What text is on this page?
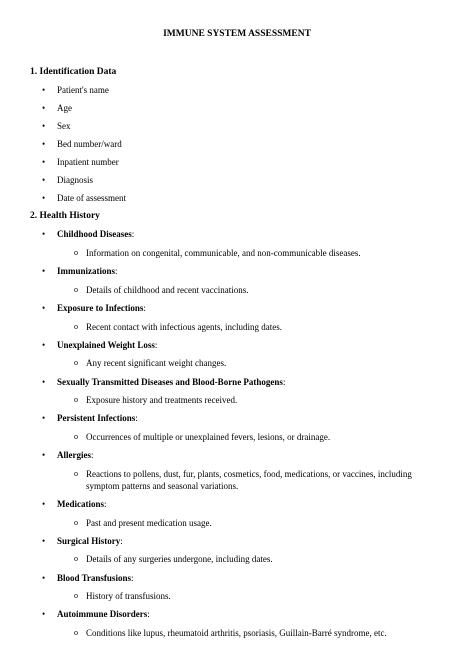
IMMUNE SYSTEM ASSESSMENT
1. Identification Data
•	Patient's name
•	Age
•	Sex
•	Bed number/ward
•	Inpatient number
•	Diagnosis
•	Date of assessment
2. Health History
•	Childhood Diseases:
o Information on congenital, communicable, and non-communicable diseases.
•	Immunizations:
o Details of childhood and recent vaccinations.
•	Exposure to Infections:
o Recent contact with infectious agents, including dates.
•	Unexplained Weight Loss:
o Any recent significant weight changes.
•	Sexually Transmitted Diseases and Blood-Borne Pathogens:
o Exposure history and treatments received.
•	Persistent Infections:
o Occurrences of multiple or unexplained fevers, lesions, or drainage.
•	Allergies:
o Reactions to pollens, dust, fur, plants, cosmetics, food, medications, or vaccines, including symptom patterns and seasonal variations.
•	Medications:
o Past and present medication usage.
•	Surgical History:
o Details of any surgeries undergone, including dates.
•	Blood Transfusions:
o History of transfusions.
•	Autoimmune Disorders:
o Conditions like lupus, rheumatoid arthritis, psoriasis, Guillain-Barré syndrome, etc.
